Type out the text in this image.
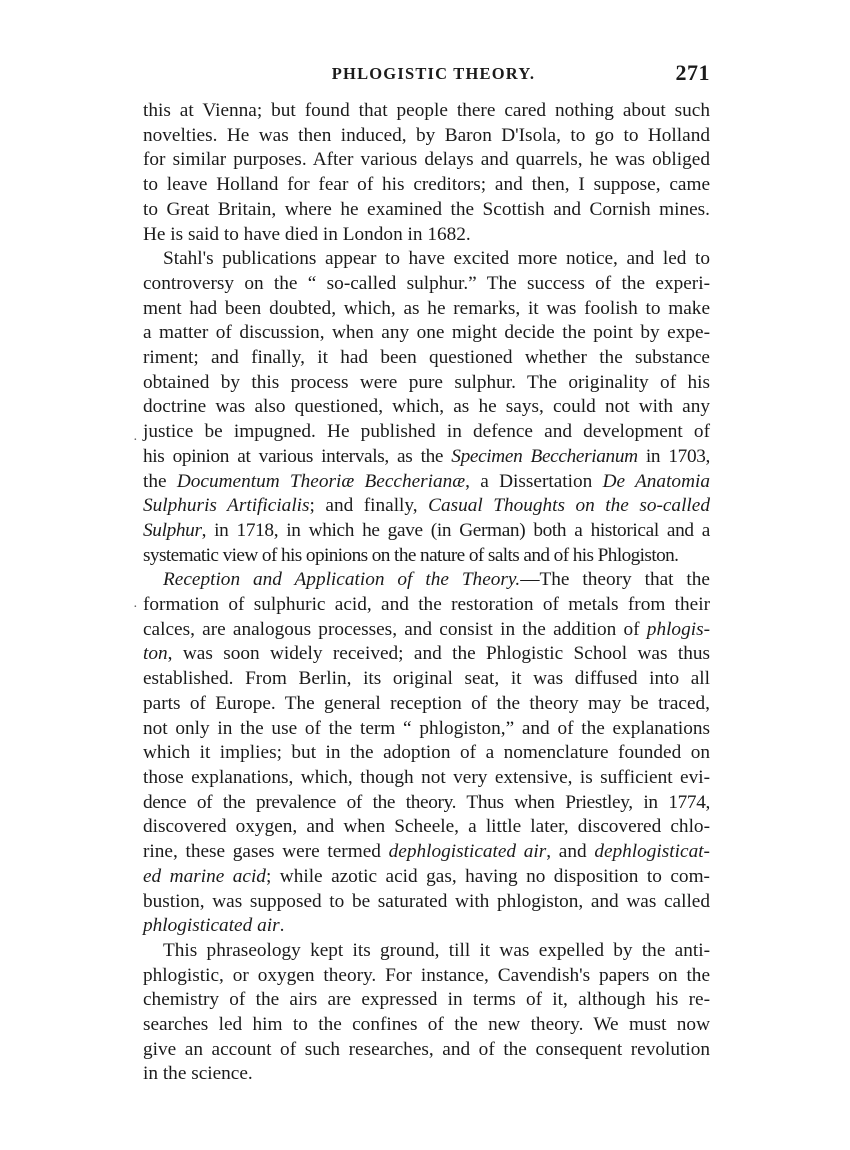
PHLOGISTIC THEORY.	271
·
·
this at Vienna; but found that people there cared nothing about such
novelties. He was then induced, by Baron D'Isola, to go to Holland
for similar purposes. After various delays and quarrels, he was obliged
to leave Holland for fear of his creditors; and then, I suppose, came
to Great Britain, where he examined the Scottish and Cornish mines.
He is said to have died in London in 1682.
Stahl's publications appear to have excited more notice, and led to
controversy on the “ so-called sulphur.” The success of the experi-
ment had been doubted, which, as he remarks, it was foolish to make
a matter of discussion, when any one might decide the point by expe-
riment; and finally, it had been questioned whether the substance
obtained by this process were pure sulphur. The originality of his
doctrine was also questioned, which, as he says, could not with any
justice be impugned. He published in defence and development of
his opinion at various intervals, as the Specimen Beccherianum in 1703,
the Documentum Theoriæ Beccherianæ, a Dissertation De Anatomia
Sulphuris Artificialis; and finally, Casual Thoughts on the so-called
Sulphur, in 1718, in which he gave (in German) both a historical and a
systematic view of his opinions on the nature of salts and of his Phlogiston.
Reception and Application of the Theory.—The theory that the
formation of sulphuric acid, and the restoration of metals from their
calces, are analogous processes, and consist in the addition of phlogis-
ton, was soon widely received; and the Phlogistic School was thus
established. From Berlin, its original seat, it was diffused into all
parts of Europe. The general reception of the theory may be traced,
not only in the use of the term “ phlogiston,” and of the explanations
which it implies; but in the adoption of a nomenclature founded on
those explanations, which, though not very extensive, is sufficient evi-
dence of the prevalence of the theory. Thus when Priestley, in 1774,
discovered oxygen, and when Scheele, a little later, discovered chlo-
rine, these gases were termed dephlogisticated air, and dephlogisticat-
ed marine acid; while azotic acid gas, having no disposition to com-
bustion, was supposed to be saturated with phlogiston, and was called
phlogisticated air.
This phraseology kept its ground, till it was expelled by the anti-
phlogistic, or oxygen theory. For instance, Cavendish's papers on the
chemistry of the airs are expressed in terms of it, although his re-
searches led him to the confines of the new theory. We must now
give an account of such researches, and of the consequent revolution
in the science.
